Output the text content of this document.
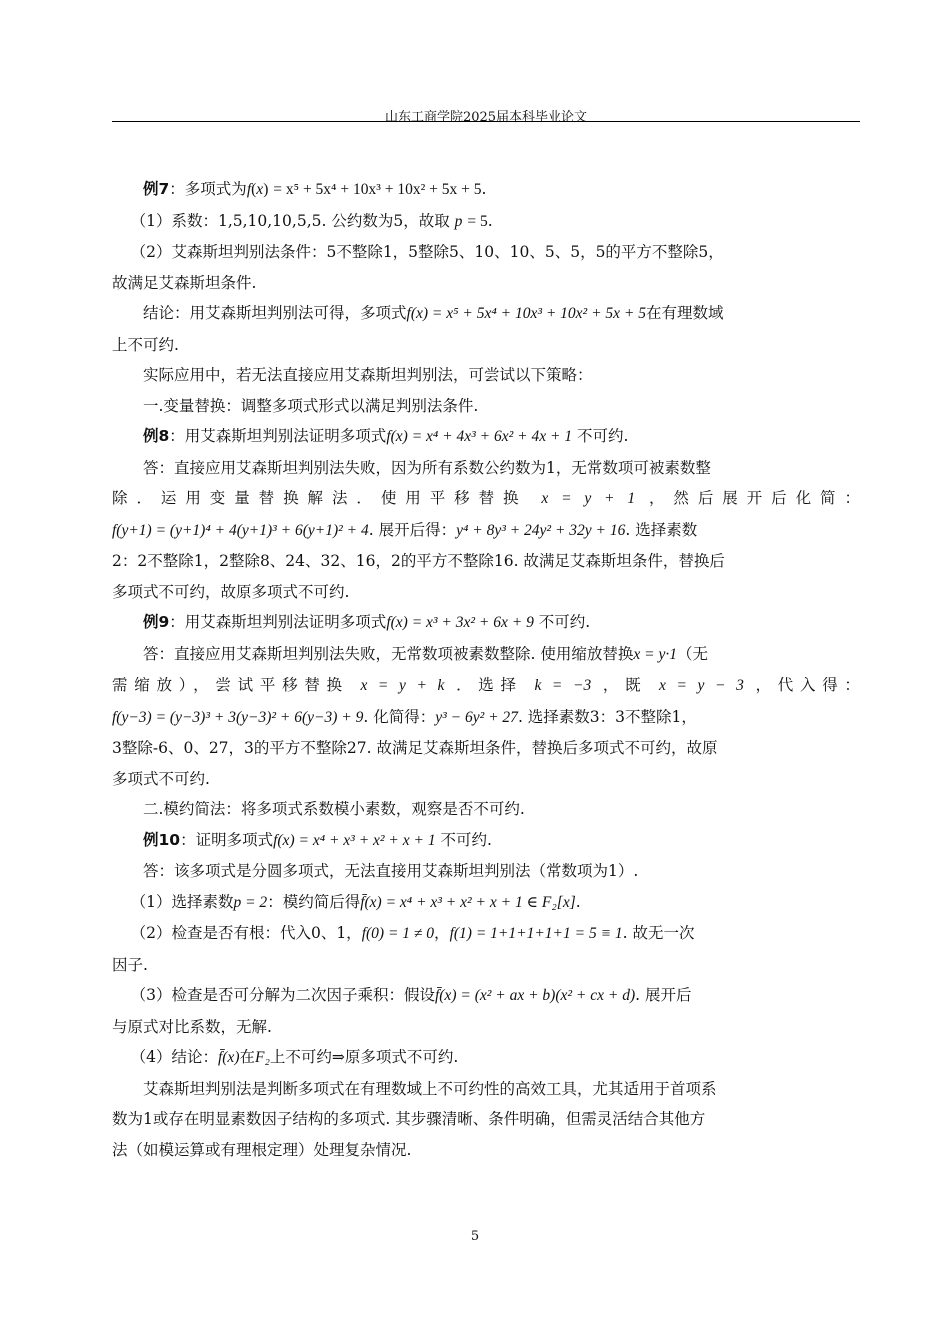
山东工商学院2025届本科毕业论文

例7：多项式为f(x) = x⁵ + 5x⁴ + 10x³ + 10x² + 5x + 5.

（1）系数：1,5,10,10,5,5. 公约数为5，故取 p = 5.

（2）艾森斯坦判别法条件：5不整除1，5整除5、10、10、5、5，5的平方不整除5，

故满足艾森斯坦条件.

结论：用艾森斯坦判别法可得，多项式f(x) = x⁵ + 5x⁴ + 10x³ + 10x² + 5x + 5在有理数域

上不可约.

实际应用中，若无法直接应用艾森斯坦判别法，可尝试以下策略：

一.变量替换：调整多项式形式以满足判别法条件.

例8：用艾森斯坦判别法证明多项式f(x) = x⁴ + 4x³ + 6x² + 4x + 1 不可约.

答：直接应用艾森斯坦判别法失败，因为所有系数公约数为1，无常数项可被素数整

除．运用变量替换解法．使用平移替换 x = y + 1 ，然后展开后化简：

f(y+1) = (y+1)⁴ + 4(y+1)³ + 6(y+1)² + 4. 展开后得：y⁴ + 8y³ + 24y² + 32y + 16. 选择素数

2：2不整除1，2整除8、24、32、16，2的平方不整除16. 故满足艾森斯坦条件，替换后

多项式不可约，故原多项式不可约.

例9：用艾森斯坦判别法证明多项式f(x) = x³ + 3x² + 6x + 9 不可约.

答：直接应用艾森斯坦判别法失败，无常数项被素数整除. 使用缩放替换x = y·1（无

需缩放），尝试平移替换 x = y + k ．选择 k = −3 ，既 x = y − 3 ，代入得：

f(y−3) = (y−3)³ + 3(y−3)² + 6(y−3) + 9. 化简得：y³ − 6y² + 27. 选择素数3：3不整除1，

3整除-6、0、27，3的平方不整除27. 故满足艾森斯坦条件，替换后多项式不可约，故原

多项式不可约.

二.模约简法：将多项式系数模小素数，观察是否不可约.

例10：证明多项式f(x) = x⁴ + x³ + x² + x + 1 不可约.

答：该多项式是分圆多项式，无法直接用艾森斯坦判别法（常数项为1）.

（1）选择素数p = 2：模约简后得f̄(x) = x⁴ + x³ + x² + x + 1 ∈ F₂[x].

（2）检查是否有根：代入0、1，f(0) = 1 ≠ 0，f(1) = 1+1+1+1+1 = 5 ≡ 1. 故无一次

因子.

（3）检查是否可分解为二次因子乘积：假设f̄(x) = (x² + ax + b)(x² + cx + d). 展开后

与原式对比系数，无解.

（4）结论：f̄(x)在F₂上不可约⇒原多项式不可约.

艾森斯坦判别法是判断多项式在有理数域上不可约性的高效工具，尤其适用于首项系

数为1或存在明显素数因子结构的多项式. 其步骤清晰、条件明确，但需灵活结合其他方

法（如模运算或有理根定理）处理复杂情况.

5
